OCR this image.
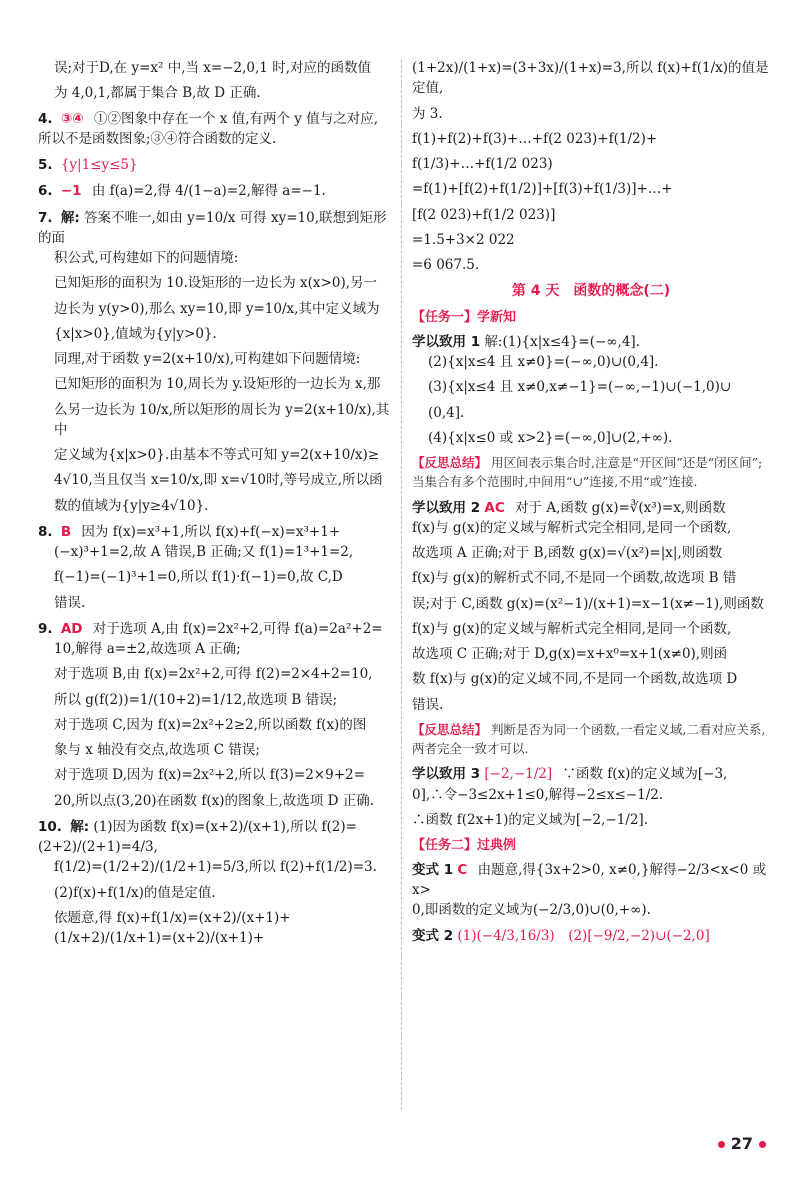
误;对于D,在 y=x² 中,当 x=−2,0,1 时,对应的函数值

为 4,0,1,都属于集合 B,故 D 正确.

4. ③④ ①②图象中存在一个 x 值,有两个 y 值与之对应,
所以不是函数图象;③④符合函数的定义.
5. {y|1≤y≤5}
6. −1 由 f(a)=2,得 4/(1−a)=2,解得 a=−1.
7. 解: 答案不唯一,如由 y=10/x 可得 xy=10,联想到矩形的面

积公式,可构建如下的问题情境:

已知矩形的面积为 10.设矩形的一边长为 x(x>0),另一

边长为 y(y>0),那么 xy=10,即 y=10/x,其中定义域为

{x|x>0},值域为{y|y>0}.

同理,对于函数 y=2(x+10/x),可构建如下问题情境:

已知矩形的面积为 10,周长为 y.设矩形的一边长为 x,那

么另一边长为 10/x,所以矩形的周长为 y=2(x+10/x),其中

定义域为{x|x>0}.由基本不等式可知 y=2(x+10/x)≥

4√10,当且仅当 x=10/x,即 x=√10时,等号成立,所以函

数的值域为{y|y≥4√10}.

8. B 因为 f(x)=x³+1,所以 f(x)+f(−x)=x³+1+

(−x)³+1=2,故 A 错误,B 正确;又 f(1)=1³+1=2,

f(−1)=(−1)³+1=0,所以 f(1)·f(−1)=0,故 C,D

错误.

9. AD 对于选项 A,由 f(x)=2x²+2,可得 f(a)=2a²+2=

10,解得 a=±2,故选项 A 正确;

对于选项 B,由 f(x)=2x²+2,可得 f(2)=2×4+2=10,

所以 g(f(2))=1/(10+2)=1/12,故选项 B 错误;

对于选项 C,因为 f(x)=2x²+2≥2,所以函数 f(x)的图

象与 x 轴没有交点,故选项 C 错误;

对于选项 D,因为 f(x)=2x²+2,所以 f(3)=2×9+2=

20,所以点(3,20)在函数 f(x)的图象上,故选项 D 正确.

10. 解: (1)因为函数 f(x)=(x+2)/(x+1),所以 f(2)=(2+2)/(2+1)=4/3,

f(1/2)=(1/2+2)/(1/2+1)=5/3,所以 f(2)+f(1/2)=3.

(2)f(x)+f(1/x)的值是定值.

依题意,得 f(x)+f(1/x)=(x+2)/(x+1)+(1/x+2)/(1/x+1)=(x+2)/(x+1)+

(1+2x)/(1+x)=(3+3x)/(1+x)=3,所以 f(x)+f(1/x)的值是定值,

为 3.

f(1)+f(2)+f(3)+…+f(2 023)+f(1/2)+

f(1/3)+…+f(1/2 023)

=f(1)+[f(2)+f(1/2)]+[f(3)+f(1/3)]+…+

[f(2 023)+f(1/2 023)]

=1.5+3×2 022

=6 067.5.

第 4 天　函数的概念(二)
【任务一】学新知
学以致用 1 解:(1){x|x≤4}=(−∞,4].

(2){x|x≤4 且 x≠0}=(−∞,0)∪(0,4].

(3){x|x≤4 且 x≠0,x≠−1}=(−∞,−1)∪(−1,0)∪

(0,4].

(4){x|x≤0 或 x>2}=(−∞,0]∪(2,+∞).

【反思总结】 用区间表示集合时,注意是“开区间”还是“闭区间”;当集合有多个范围时,中间用“∪”连接,不用“或”连接.
学以致用 2 AC 对于 A,函数 g(x)=∛(x³)=x,则函数

f(x)与 g(x)的定义域与解析式完全相同,是同一个函数,

故选项 A 正确;对于 B,函数 g(x)=√(x²)=|x|,则函数

f(x)与 g(x)的解析式不同,不是同一个函数,故选项 B 错

误;对于 C,函数 g(x)=(x²−1)/(x+1)=x−1(x≠−1),则函数

f(x)与 g(x)的定义域与解析式完全相同,是同一个函数,

故选项 C 正确;对于 D,g(x)=x+x⁰=x+1(x≠0),则函

数 f(x)与 g(x)的定义域不同,不是同一个函数,故选项 D

错误.

【反思总结】 判断是否为同一个函数,一看定义域,二看对应关系,两者完全一致才可以.
学以致用 3 [−2,−1/2] ∵函数 f(x)的定义域为[−3,

0],∴令−3≤2x+1≤0,解得−2≤x≤−1/2.

∴函数 f(2x+1)的定义域为[−2,−1/2].

【任务二】过典例
变式 1 C 由题意,得{3x+2>0, x≠0,}解得−2/3<x<0 或 x>

0,即函数的定义域为(−2/3,0)∪(0,+∞).

变式 2 (1)(−4/3,16/3)　(2)[−9/2,−2)∪(−2,0]
27
